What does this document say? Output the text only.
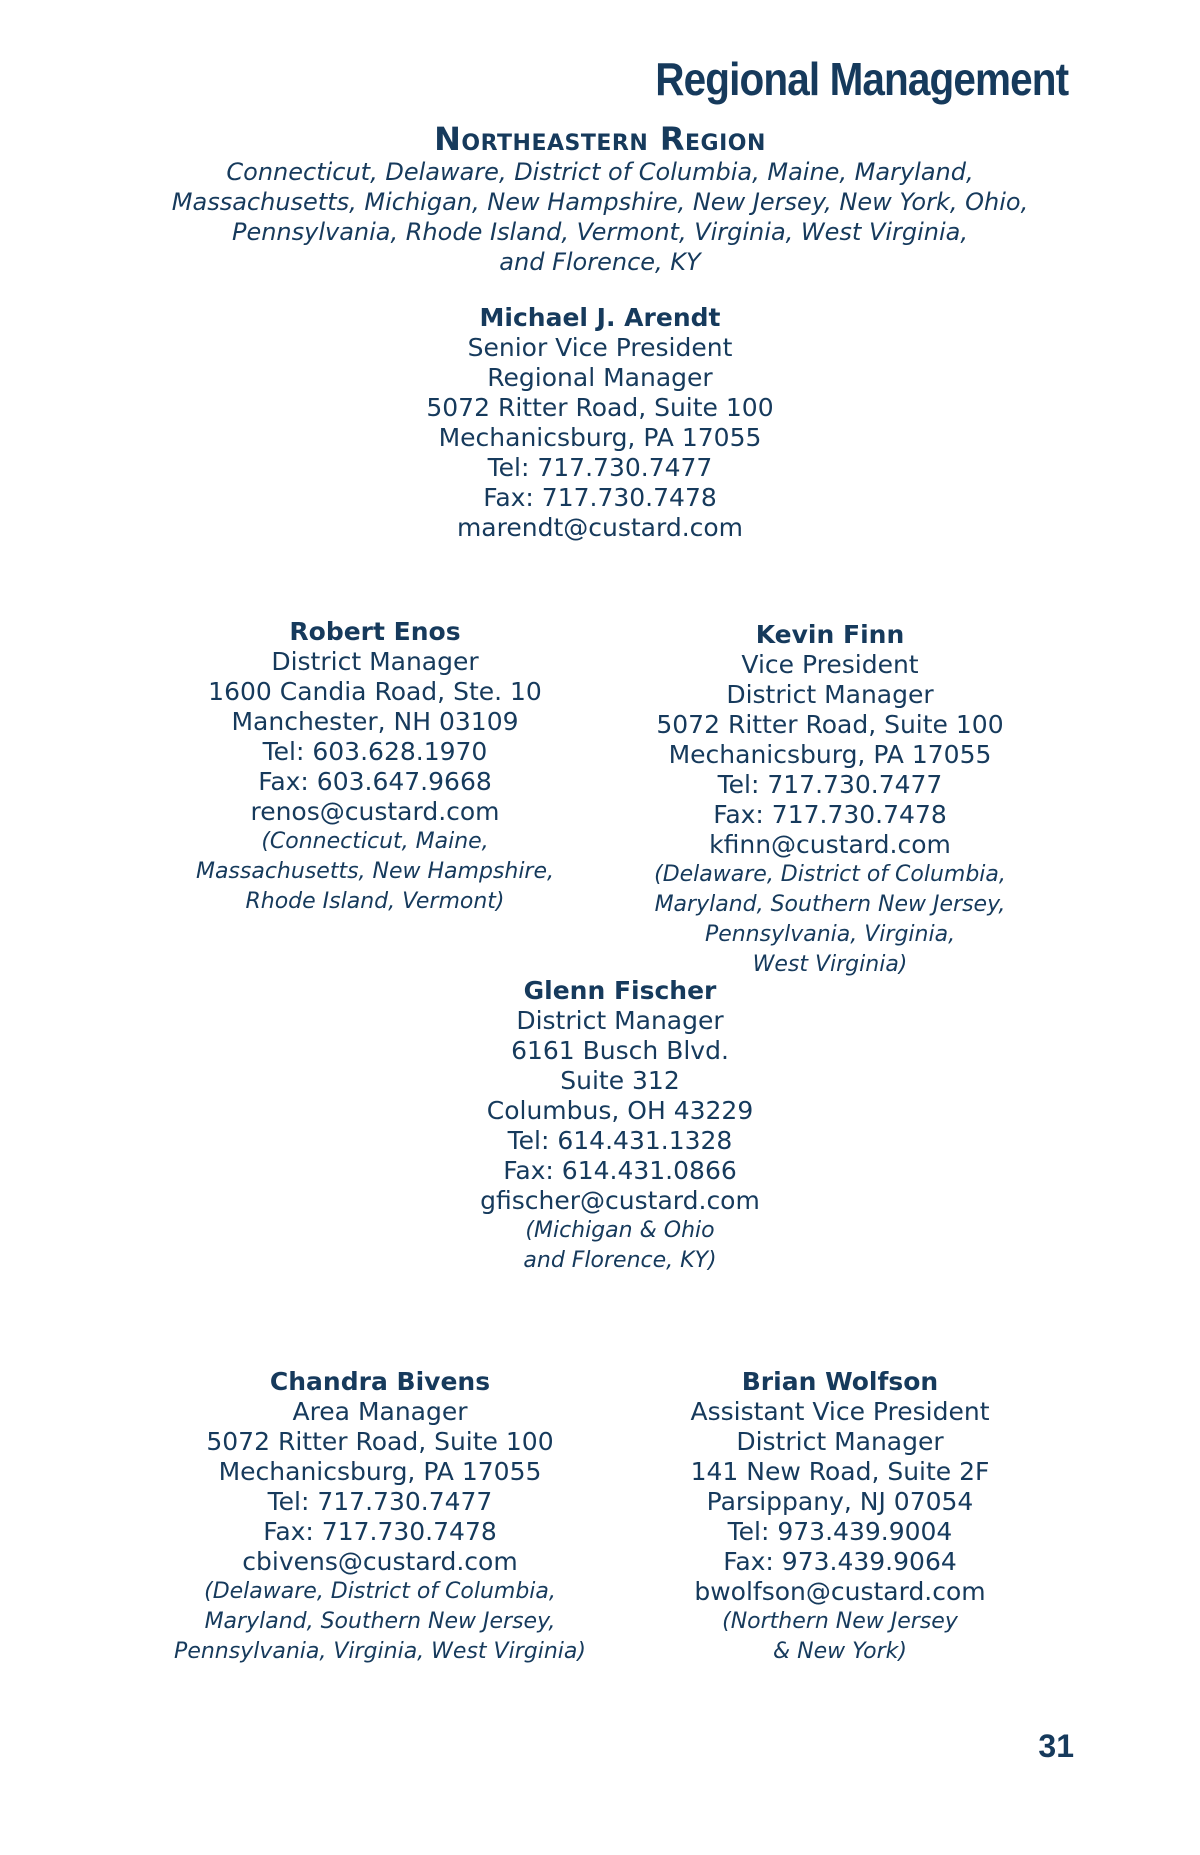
Regional Management
Northeastern Region
Connecticut, Delaware, District of Columbia, Maine, Maryland,
Massachusetts, Michigan, New Hampshire, New Jersey, New York, Ohio,
Pennsylvania, Rhode Island, Vermont, Virginia, West Virginia,
and Florence, KY
Michael J. Arendt
Senior Vice President
Regional Manager
5072 Ritter Road, Suite 100
Mechanicsburg, PA 17055
Tel: 717.730.7477
Fax: 717.730.7478
marendt@custard.com
Robert Enos
District Manager
1600 Candia Road, Ste. 10
Manchester, NH 03109
Tel: 603.628.1970
Fax: 603.647.9668
renos@custard.com
(Connecticut, Maine,
Massachusetts, New Hampshire,
Rhode Island, Vermont)
Kevin Finn
Vice President
District Manager
5072 Ritter Road, Suite 100
Mechanicsburg, PA 17055
Tel: 717.730.7477
Fax: 717.730.7478
kfinn@custard.com
(Delaware, District of Columbia,
Maryland, Southern New Jersey,
Pennsylvania, Virginia,
West Virginia)
Glenn Fischer
District Manager
6161 Busch Blvd.
Suite 312
Columbus, OH 43229
Tel: 614.431.1328
Fax: 614.431.0866
gfischer@custard.com
(Michigan & Ohio
and Florence, KY)
Chandra Bivens
Area Manager
5072 Ritter Road, Suite 100
Mechanicsburg, PA 17055
Tel: 717.730.7477
Fax: 717.730.7478
cbivens@custard.com
(Delaware, District of Columbia,
Maryland, Southern New Jersey,
Pennsylvania, Virginia, West Virginia)
Brian Wolfson
Assistant Vice President
District Manager
141 New Road, Suite 2F
Parsippany, NJ 07054
Tel: 973.439.9004
Fax: 973.439.9064
bwolfson@custard.com
(Northern New Jersey
& New York)
31
